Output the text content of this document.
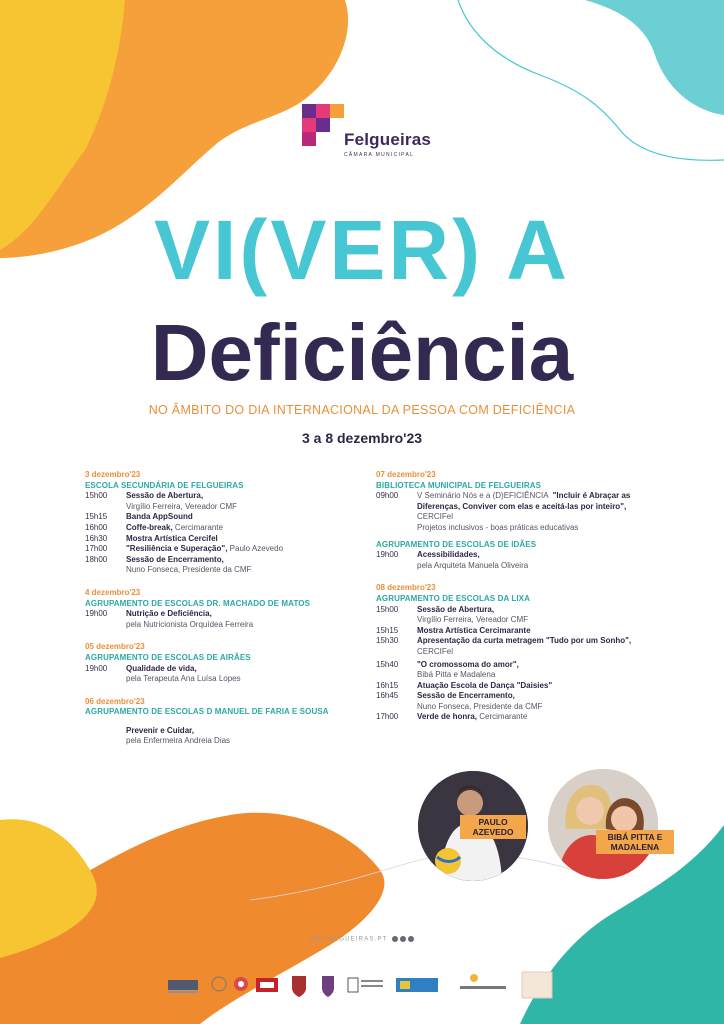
Felgueiras
CÂMARA MUNICIPAL
VI(VER) A
Deficiência
NO ÂMBITO DO DIA INTERNACIONAL DA PESSOA COM DEFICIÊNCIA
3 a 8 dezembro'23
3 dezembro'23
ESCOLA SECUNDÁRIA DE FELGUEIRAS
15h00	Sessão de Abertura,
Virgílio Ferreira, Vereador CMF
15h15	Banda AppSound
16h00	Coffe-break, Cercimarante
16h30	Mostra Artística Cercifel
17h00	"Resiliência e Superação", Paulo Azevedo
18h00	Sessão de Encerramento,
Nuno Fonseca, Presidente da CMF
4 dezembro'23
AGRUPAMENTO DE ESCOLAS DR. MACHADO DE MATOS
19h00	Nutrição e Deficiência,
pela Nutricionista Orquídea Ferreira
05 dezembro'23
AGRUPAMENTO DE ESCOLAS DE AIRÃES
19h00	Qualidade de vida,
pela Terapeuta Ana Luísa Lopes
06 dezembro'23
AGRUPAMENTO DE ESCOLAS D MANUEL DE FARIA E SOUSA
Prevenir e Cuidar,
pela Enfermeira Andreia Dias
07 dezembro'23
BIBLIOTECA MUNICIPAL DE FELGUEIRAS
09h00	V Seminário Nós e a (D)EFICIÊNCIA "Incluir é Abraçar as Diferenças, Conviver com elas e aceitá-las por inteiro",
CERCIFel
Projetos inclusivos - boas práticas educativas
AGRUPAMENTO DE ESCOLAS DE IDÃES
19h00	Acessibilidades,
pela Arquiteta Manuela Oliveira
08 dezembro'23
AGRUPAMENTO DE ESCOLAS DA LIXA
15h00	Sessão de Abertura,
Virgílio Ferreira, Vereador CMF
15h15	Mostra Artística Cercimarante
15h30	Apresentação da curta metragem "Tudo por um Sonho", CERCIFel
15h40	"O cromossoma do amor",
Bibá Pitta e Madalena
16h15	Atuação Escola de Dança "Daisies"
16h45	Sessão de Encerramento,
Nuno Fonseca, Presidente da CMF
17h00	Verde de honra, Cercimarante
PAULO AZEVEDO	BIBÁ PITTA E MADALENA
CM-FELGUEIRAS.PT
